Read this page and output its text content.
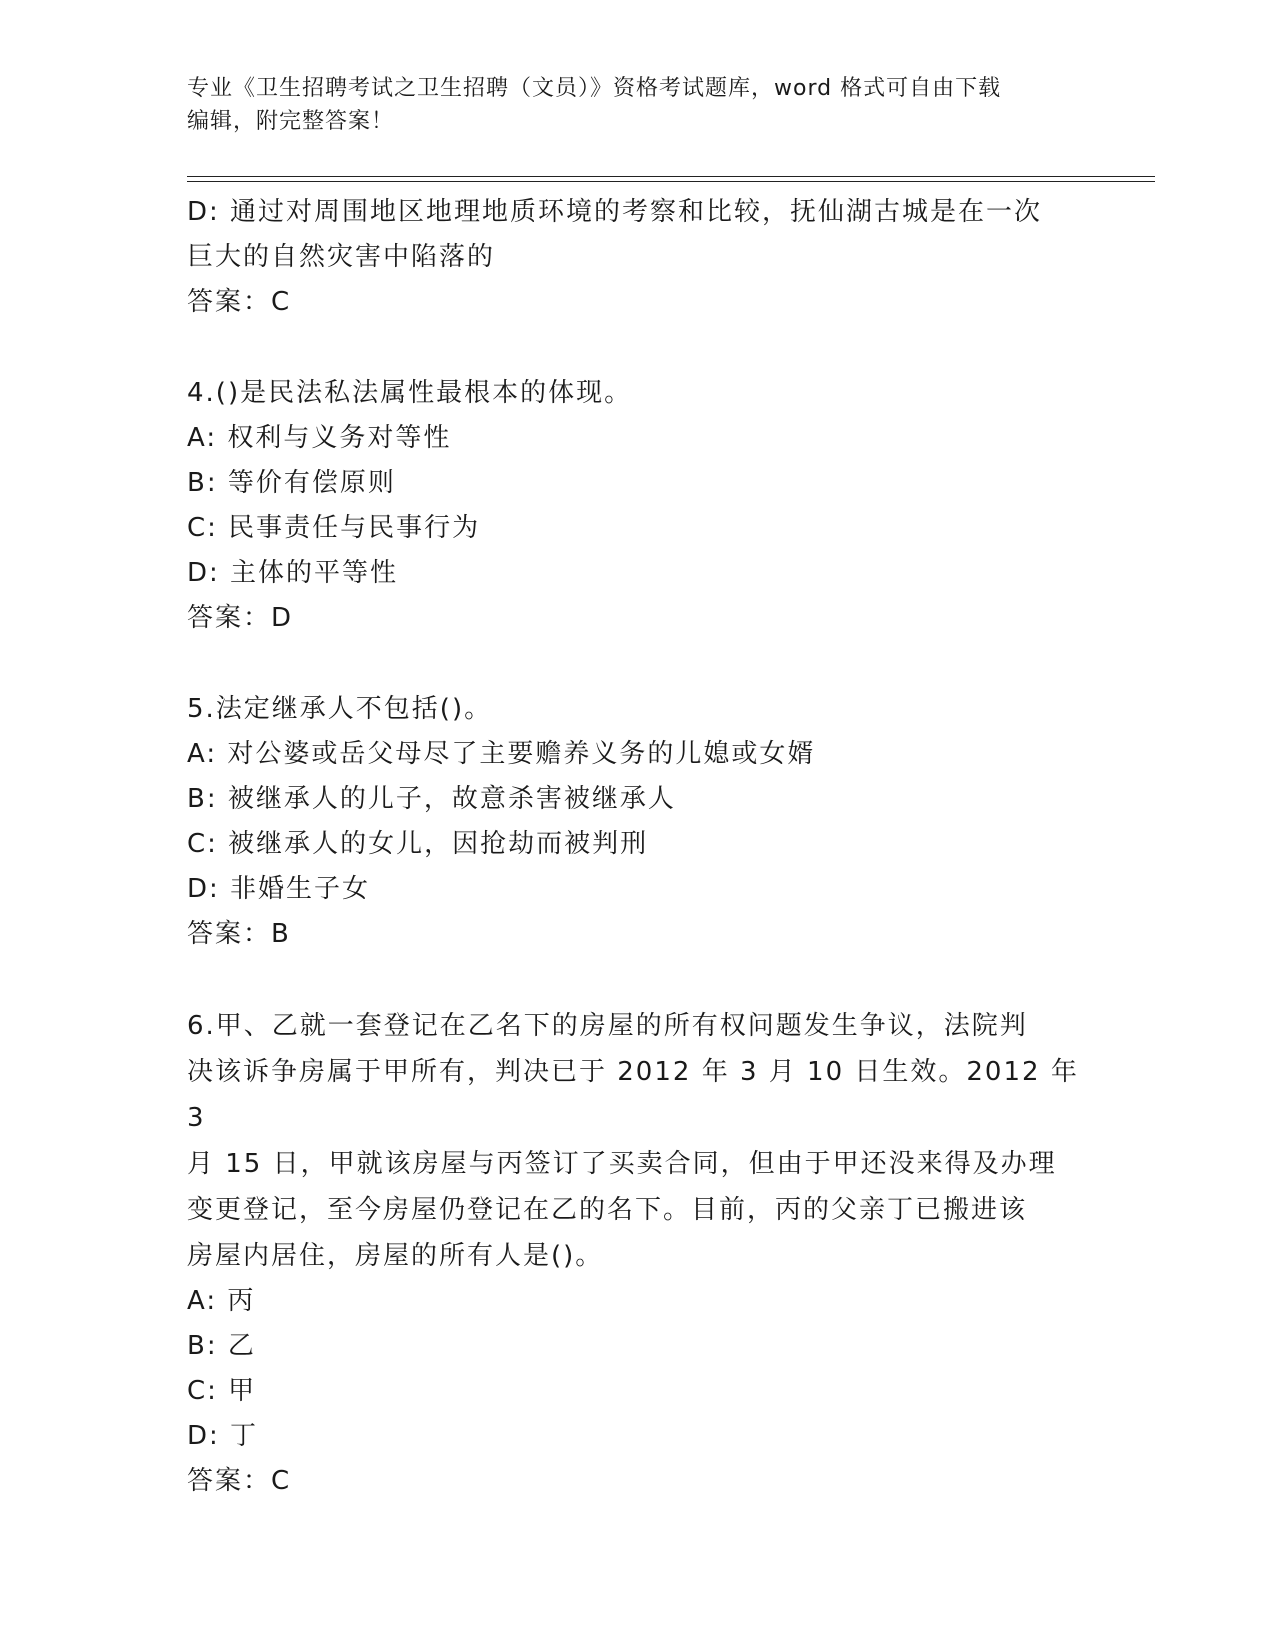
专业《卫生招聘考试之卫生招聘（文员）》资格考试题库，word 格式可自由下载
编辑，附完整答案！
D: 通过对周围地区地理地质环境的考察和比较，抚仙湖古城是在一次
巨大的自然灾害中陷落的
答案：C
4.()是民法私法属性最根本的体现。
A: 权利与义务对等性
B: 等价有偿原则
C: 民事责任与民事行为
D: 主体的平等性
答案：D
5.法定继承人不包括()。
A: 对公婆或岳父母尽了主要赡养义务的儿媳或女婿
B: 被继承人的儿子，故意杀害被继承人
C: 被继承人的女儿，因抢劫而被判刑
D: 非婚生子女
答案：B
6.甲、乙就一套登记在乙名下的房屋的所有权问题发生争议，法院判
决该诉争房属于甲所有，判决已于 2012 年 3 月 10 日生效。2012 年 3
月 15 日，甲就该房屋与丙签订了买卖合同，但由于甲还没来得及办理
变更登记，至今房屋仍登记在乙的名下。目前，丙的父亲丁已搬进该
房屋内居住，房屋的所有人是()。
A: 丙
B: 乙
C: 甲
D: 丁
答案：C
